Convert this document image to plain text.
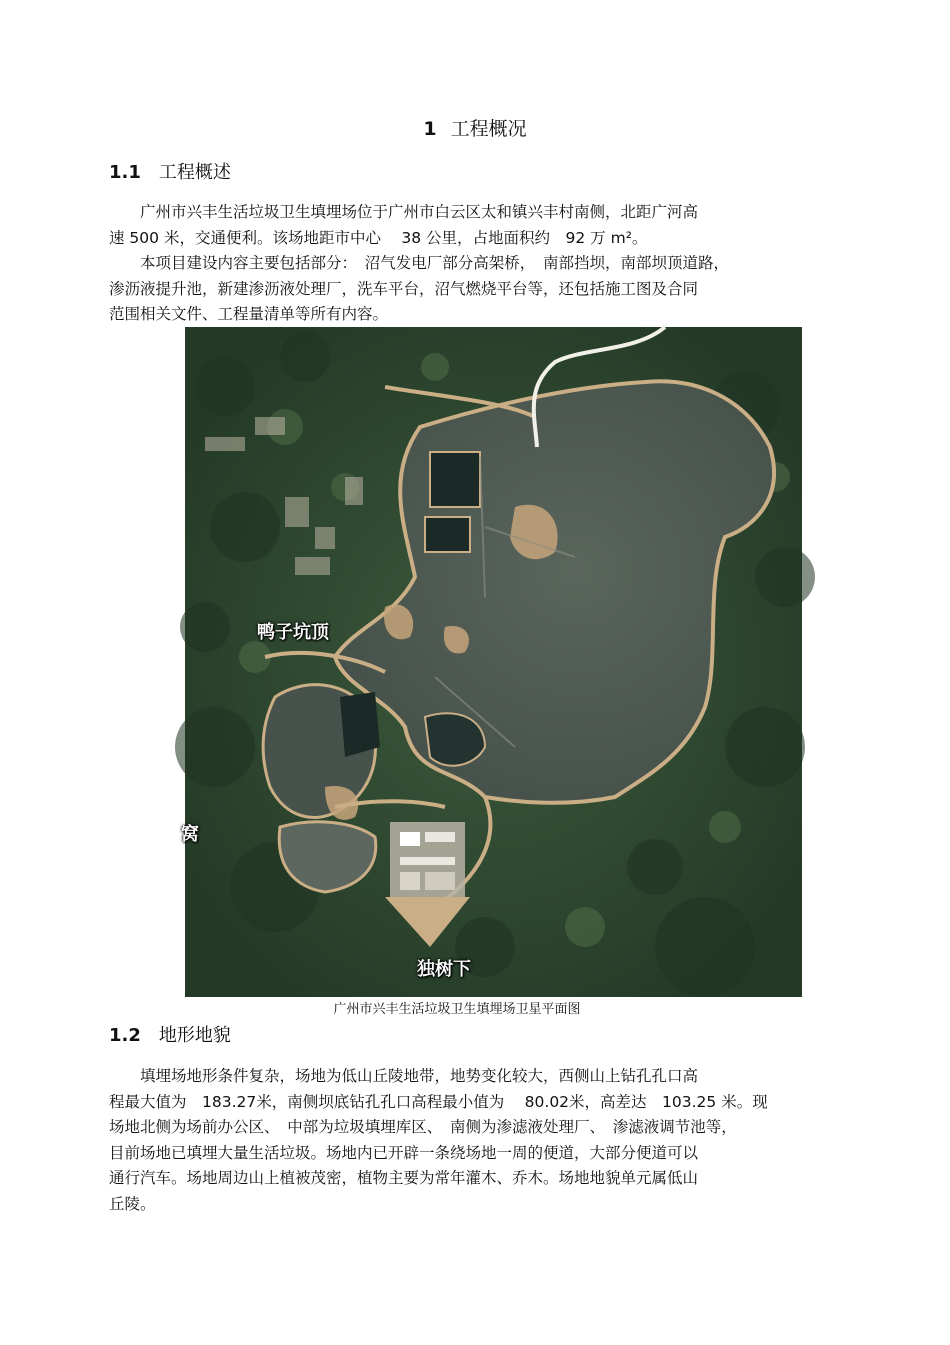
1 工程概况
1.1 工程概述

　　广州市兴丰生活垃圾卫生填埋场位于广州市白云区太和镇兴丰村南侧，北距广河高

速 500 米，交通便利。该场地距市中心　 38 公里，占地面积约　92 万 m²。

　　本项目建设内容主要包括部分：　沼气发电厂部分高架桥，　南部挡坝，南部坝顶道路，

渗沥液提升池，新建渗沥液处理厂，洗车平台，沼气燃烧平台等，还包括施工图及合同

范围相关文件、工程量清单等所有内容。

鸭子坑顶
独树下
窝
广州市兴丰生活垃圾卫生填埋场卫星平面图
1.2 地形地貌

　　填埋场地形条件复杂，场地为低山丘陵地带，地势变化较大，西侧山上钻孔孔口高

程最大值为　183.27米，南侧坝底钻孔孔口高程最小值为　 80.02米，高差达　103.25 米。现

场地北侧为场前办公区、　中部为垃圾填埋库区、　南侧为渗滤液处理厂、　渗滤液调节池等，

目前场地已填埋大量生活垃圾。场地内已开辟一条绕场地一周的便道，大部分便道可以

通行汽车。场地周边山上植被茂密，植物主要为常年灌木、乔木。场地地貌单元属低山

丘陵。
